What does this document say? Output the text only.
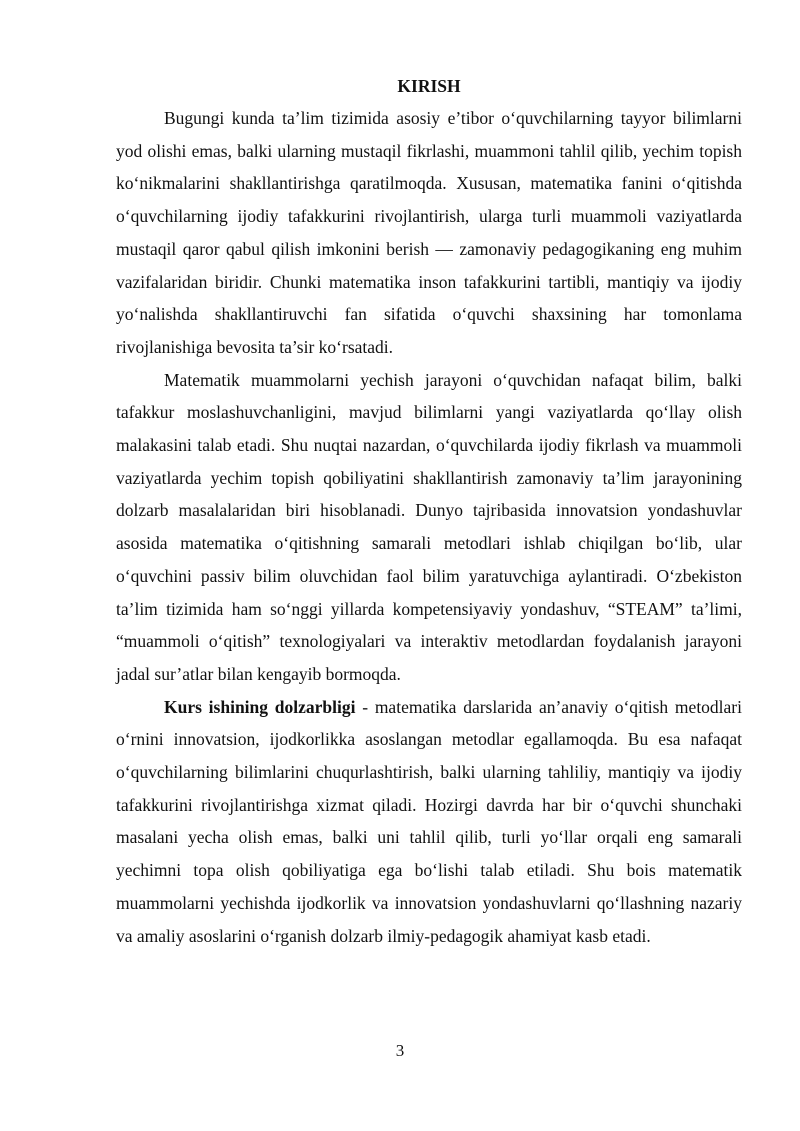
KIRISH

Bugungi kunda ta’lim tizimida asosiy e’tibor o‘quvchilarning tayyor bilimlarni yod olishi emas, balki ularning mustaqil fikrlashi, muammoni tahlil qilib, yechim topish ko‘nikmalarini shakllantirishga qaratilmoqda. Xususan, matematika fanini o‘qitishda o‘quvchilarning ijodiy tafakkurini rivojlantirish, ularga turli muammoli vaziyatlarda mustaqil qaror qabul qilish imkonini berish — zamonaviy pedagogikaning eng muhim vazifalaridan biridir. Chunki matematika inson tafakkurini tartibli, mantiqiy va ijodiy yo‘nalishda shakllantiruvchi fan sifatida o‘quvchi shaxsining har tomonlama rivojlanishiga bevosita ta’sir ko‘rsatadi.

Matematik muammolarni yechish jarayoni o‘quvchidan nafaqat bilim, balki tafakkur moslashuvchanligini, mavjud bilimlarni yangi vaziyatlarda qo‘llay olish malakasini talab etadi. Shu nuqtai nazardan, o‘quvchilarda ijodiy fikrlash va muammoli vaziyatlarda yechim topish qobiliyatini shakllantirish zamonaviy ta’lim jarayonining dolzarb masalalaridan biri hisoblanadi. Dunyo tajribasida innovatsion yondashuvlar asosida matematika o‘qitishning samarali metodlari ishlab chiqilgan bo‘lib, ular o‘quvchini passiv bilim oluvchidan faol bilim yaratuvchiga aylantiradi. O‘zbekiston ta’lim tizimida ham so‘nggi yillarda kompetensiyaviy yondashuv, “STEAM” ta’limi, “muammoli o‘qitish” texnologiyalari va interaktiv metodlardan foydalanish jarayoni jadal sur’atlar bilan kengayib bormoqda.

Kurs ishining dolzarbligi - matematika darslarida an’anaviy o‘qitish metodlari o‘rnini innovatsion, ijodkorlikka asoslangan metodlar egallamoqda. Bu esa nafaqat o‘quvchilarning bilimlarini chuqurlashtirish, balki ularning tahliliy, mantiqiy va ijodiy tafakkurini rivojlantirishga xizmat qiladi. Hozirgi davrda har bir o‘quvchi shunchaki masalani yecha olish emas, balki uni tahlil qilib, turli yo‘llar orqali eng samarali yechimni topa olish qobiliyatiga ega bo‘lishi talab etiladi. Shu bois matematik muammolarni yechishda ijodkorlik va innovatsion yondashuvlarni qo‘llashning nazariy va amaliy asoslarini o‘rganish dolzarb ilmiy-pedagogik ahamiyat kasb etadi.

3
